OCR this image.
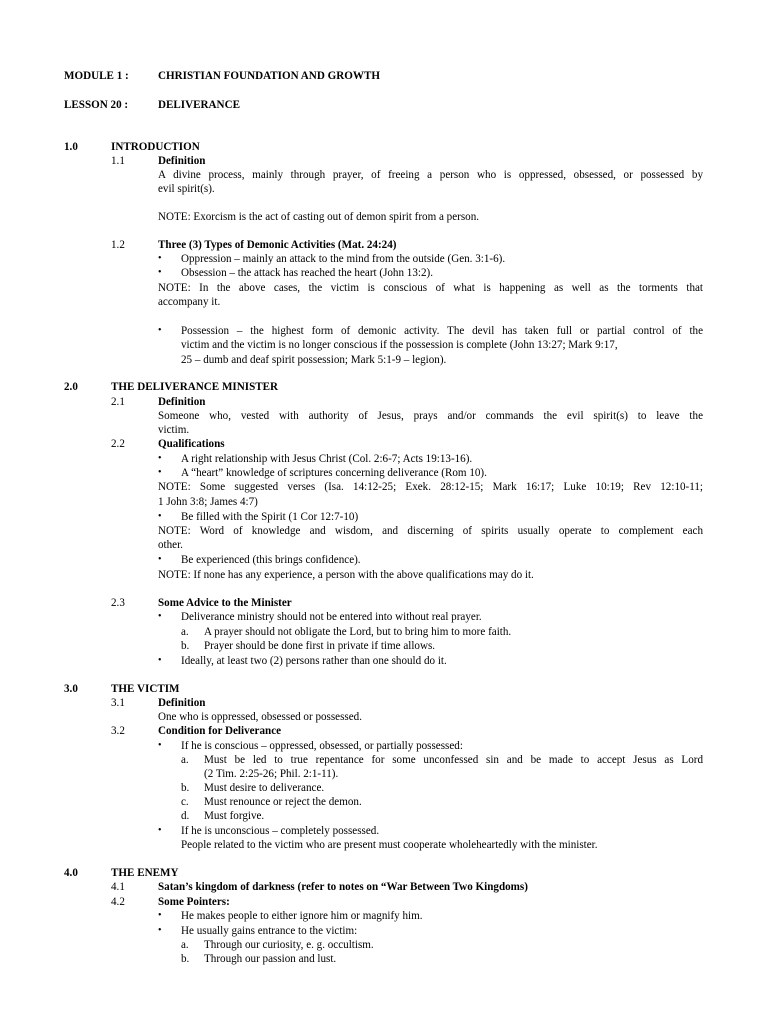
MODULE 1 :	CHRISTIAN FOUNDATION AND GROWTH
LESSON 20 :	DELIVERANCE
1.0	INTRODUCTION
1.1	Definition
A divine process, mainly through prayer, of freeing a person who is oppressed, obsessed, or possessed by
evil spirit(s).
NOTE: Exorcism is the act of casting out of demon spirit from a person.
1.2	Three (3) Types of Demonic Activities (Mat. 24:24)
• Oppression – mainly an attack to the mind from the outside (Gen. 3:1-6).
• Obsession – the attack has reached the heart (John 13:2).
NOTE: In the above cases, the victim is conscious of what is happening as well as the torments that
accompany it.
• Possession – the highest form of demonic activity. The devil has taken full or partial control of the
victim and the victim is no longer conscious if the possession is complete (John 13:27; Mark 9:17,
25 – dumb and deaf spirit possession; Mark 5:1-9 – legion).
2.0	THE DELIVERANCE MINISTER
2.1	Definition
Someone who, vested with authority of Jesus, prays and/or commands the evil spirit(s) to leave the
victim.
2.2	Qualifications
• A right relationship with Jesus Christ (Col. 2:6-7; Acts 19:13-16).
• A “heart” knowledge of scriptures concerning deliverance (Rom 10).
NOTE: Some suggested verses (Isa. 14:12-25; Exek. 28:12-15; Mark 16:17; Luke 10:19; Rev 12:10-11;
1 John 3:8; James 4:7)
• Be filled with the Spirit (1 Cor 12:7-10)
NOTE: Word of knowledge and wisdom, and discerning of spirits usually operate to complement each
other.
• Be experienced (this brings confidence).
NOTE: If none has any experience, a person with the above qualifications may do it.
2.3	Some Advice to the Minister
• Deliverance ministry should not be entered into without real prayer.
a. A prayer should not obligate the Lord, but to bring him to more faith.
b. Prayer should be done first in private if time allows.
• Ideally, at least two (2) persons rather than one should do it.
3.0	THE VICTIM
3.1	Definition
One who is oppressed, obsessed or possessed.
3.2	Condition for Deliverance
• If he is conscious – oppressed, obsessed, or partially possessed:
a. Must be led to true repentance for some unconfessed sin and be made to accept Jesus as Lord
(2 Tim. 2:25-26; Phil. 2:1-11).
b. Must desire to deliverance.
c. Must renounce or reject the demon.
d. Must forgive.
• If he is unconscious – completely possessed.
People related to the victim who are present must cooperate wholeheartedly with the minister.
4.0	THE ENEMY
4.1	Satan’s kingdom of darkness (refer to notes on “War Between Two Kingdoms)
4.2	Some Pointers:
• He makes people to either ignore him or magnify him.
• He usually gains entrance to the victim:
a. Through our curiosity, e. g. occultism.
b. Through our passion and lust.
